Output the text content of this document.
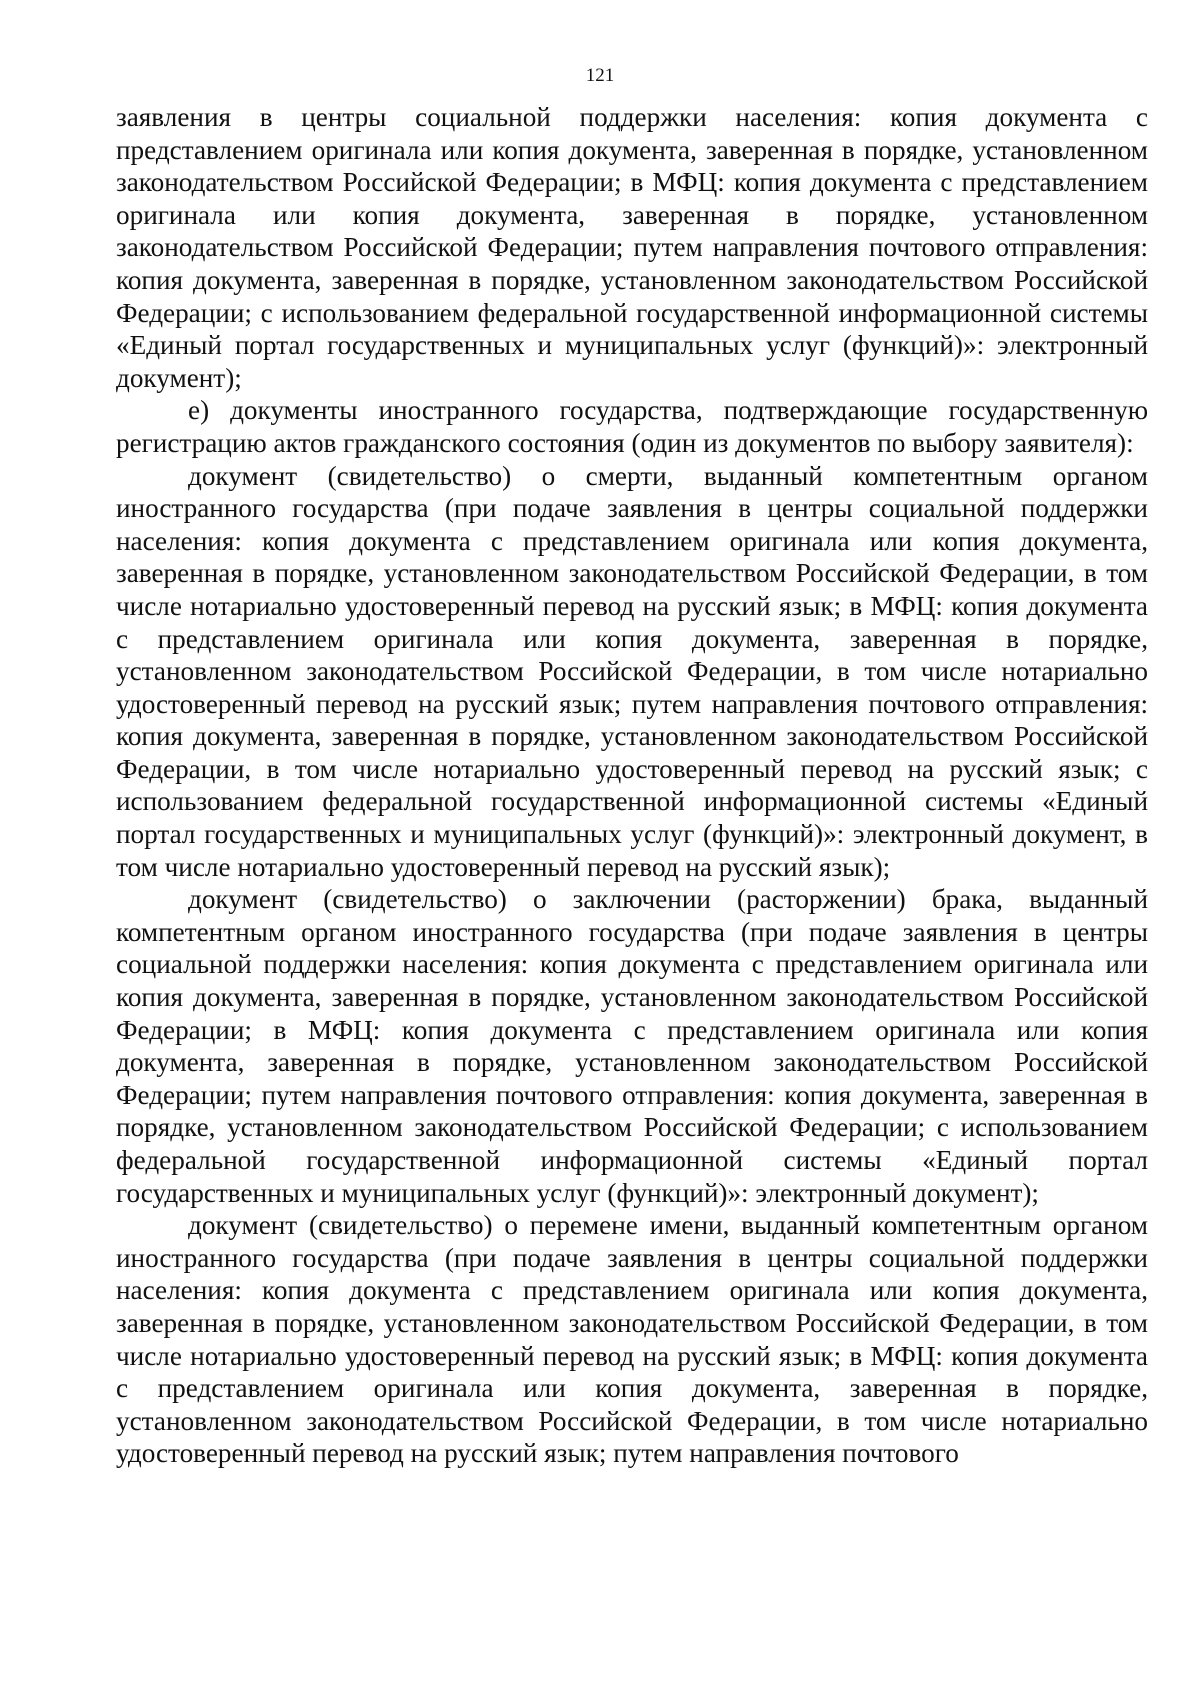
121

заявления в центры социальной поддержки населения: копия документа с представлением оригинала или копия документа, заверенная в порядке, установленном законодательством Российской Федерации; в МФЦ: копия документа с представлением оригинала или копия документа, заверенная в порядке, установленном законодательством Российской Федерации; путем направления почтового отправления: копия документа, заверенная в порядке, установленном законодательством Российской Федерации; с использованием федеральной государственной информационной системы «Единый портал государственных и муниципальных услуг (функций)»: электронный документ);

е) документы иностранного государства, подтверждающие государственную регистрацию актов гражданского состояния (один из документов по выбору заявителя):

документ (свидетельство) о смерти, выданный компетентным органом иностранного государства (при подаче заявления в центры социальной поддержки населения: копия документа с представлением оригинала или копия документа, заверенная в порядке, установленном законодательством Российской Федерации, в том числе нотариально удостоверенный перевод на русский язык; в МФЦ: копия документа с представлением оригинала или копия документа, заверенная в порядке, установленном законодательством Российской Федерации, в том числе нотариально удостоверенный перевод на русский язык; путем направления почтового отправления: копия документа, заверенная в порядке, установленном законодательством Российской Федерации, в том числе нотариально удостоверенный перевод на русский язык; с использованием федеральной государственной информационной системы «Единый портал государственных и муниципальных услуг (функций)»: электронный документ, в том числе нотариально удостоверенный перевод на русский язык);

документ (свидетельство) о заключении (расторжении) брака, выданный компетентным органом иностранного государства (при подаче заявления в центры социальной поддержки населения: копия документа с представлением оригинала или копия документа, заверенная в порядке, установленном законодательством Российской Федерации; в МФЦ: копия документа с представлением оригинала или копия документа, заверенная в порядке, установленном законодательством Российской Федерации; путем направления почтового отправления: копия документа, заверенная в порядке, установленном законодательством Российской Федерации; с использованием федеральной государственной информационной системы «Единый портал государственных и муниципальных услуг (функций)»: электронный документ);

документ (свидетельство) о перемене имени, выданный компетентным органом иностранного государства (при подаче заявления в центры социальной поддержки населения: копия документа с представлением оригинала или копия документа, заверенная в порядке, установленном законодательством Российской Федерации, в том числе нотариально удостоверенный перевод на русский язык; в МФЦ: копия документа с представлением оригинала или копия документа, заверенная в порядке, установленном законодательством Российской Федерации, в том числе нотариально удостоверенный перевод на русский язык; путем направления почтового
